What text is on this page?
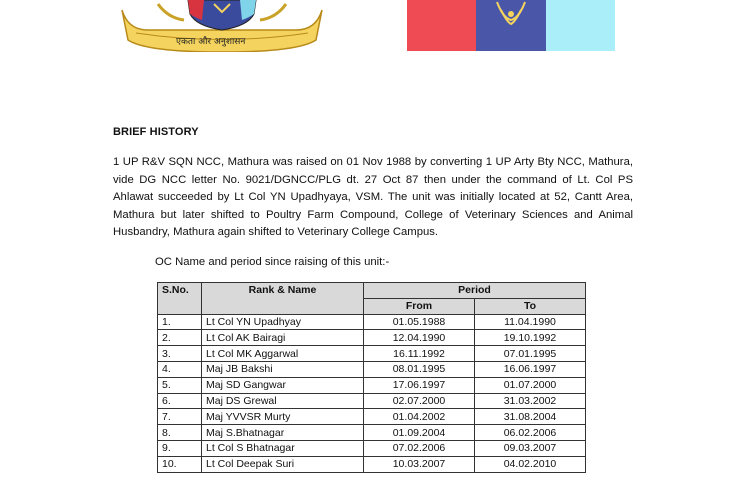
एकता और अनुशासन
BRIEF HISTORY

1 UP R&V SQN NCC, Mathura was raised on 01 Nov 1988 by converting 1 UP Arty Bty NCC, Mathura, vide DG NCC letter No. 9021/DGNCC/PLG dt. 27 Oct 87 then under the command of Lt. Col PS Ahlawat succeeded by Lt Col YN Upadhyaya, VSM. The unit was initially located at 52, Cantt Area, Mathura but later shifted to Poultry Farm Compound, College of Veterinary Sciences and Animal Husbandry, Mathura again shifted to Veterinary College Campus.

OC Name and period since raising of this unit:-
S.No.	Rank & Name	Period	
		From	To
1.	Lt Col YN Upadhyay	01.05.1988	11.04.1990
2.	Lt Col AK Bairagi	12.04.1990	19.10.1992
3.	Lt Col MK Aggarwal	16.11.1992	07.01.1995
4.	Maj JB Bakshi	08.01.1995	16.06.1997
5.	Maj SD Gangwar	17.06.1997	01.07.2000
6.	Maj DS Grewal	02.07.2000	31.03.2002
7.	Maj YVVSR Murty	01.04.2002	31.08.2004
8.	Maj S.Bhatnagar	01.09.2004	06.02.2006
9.	Lt Col S Bhatnagar	07.02.2006	09.03.2007
10.	Lt Col Deepak Suri	10.03.2007	04.02.2010
